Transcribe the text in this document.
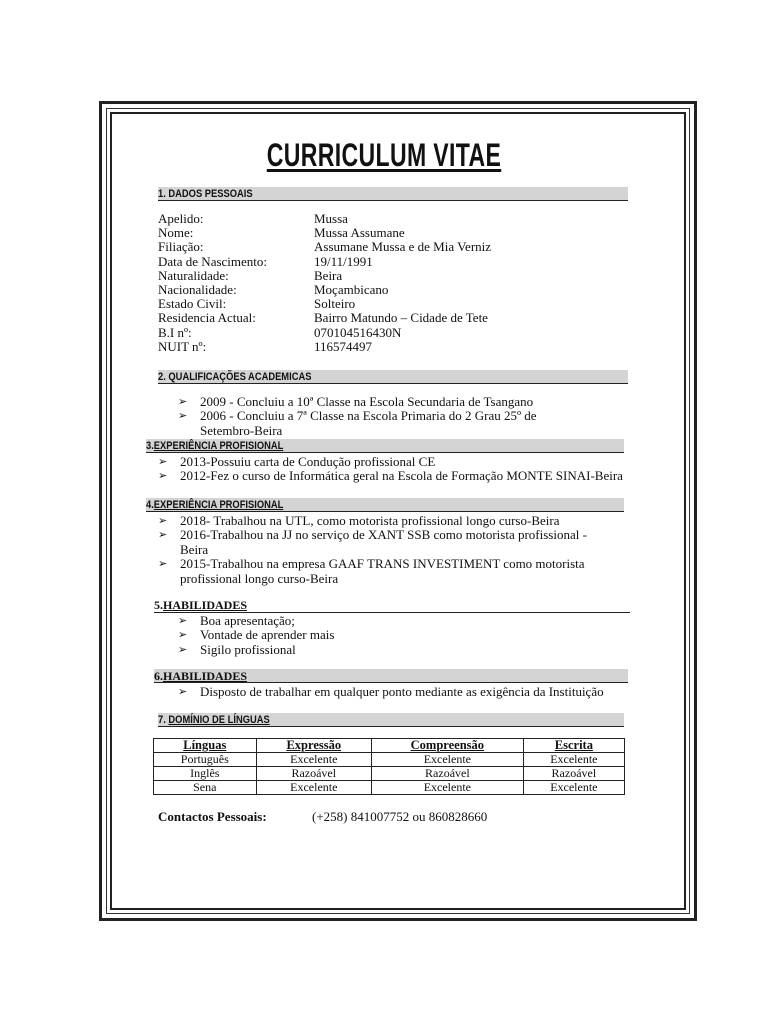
CURRICULUM VITAE
1. DADOS PESSOAIS
Apelido:	Mussa
Nome:	Mussa Assumane
Filiação:	Assumane Mussa e de Mia Verniz
Data de Nascimento:	19/11/1991
Naturalidade:	Beira
Nacionalidade:	Moçambicano
Estado Civil:	Solteiro
Residencia Actual:	Bairro Matundo – Cidade de Tete
B.I nº:	070104516430N
NUIT nº:	116574497
2. QUALIFICAÇÕES ACADEMICAS
➢ 2009 - Concluiu a 10ª Classe na Escola Secundaria de Tsangano
➢ 2006 - Concluiu a 7ª Classe na Escola Primaria do 2 Grau 25º de Setembro-Beira
3.EXPERIÊNCIA PROFISIONAL
➢ 2013-Possuiu carta de Condução profissional CE
➢ 2012-Fez o curso de Informática geral na Escola de Formação MONTE SINAI-Beira
4.EXPERIÊNCIA PROFISIONAL
➢ 2018- Trabalhou na UTL, como motorista profissional longo curso-Beira
➢ 2016-Trabalhou na JJ no serviço de XANT SSB como motorista profissional - Beira
➢ 2015-Trabalhou na empresa GAAF TRANS INVESTIMENT como motorista profissional longo curso-Beira
5.HABILIDADES
➢ Boa apresentação;
➢ Vontade de aprender mais
➢ Sigilo profissional
6.HABILIDADES
➢ Disposto de trabalhar em qualquer ponto mediante as exigência da Instituição
7. DOMÍNIO DE LÍNGUAS
Línguas	Expressão	Compreensão	Escrita
Português	Excelente	Excelente	Excelente
Inglês	Razoável	Razoável	Razoável
Sena	Excelente	Excelente	Excelente
Contactos Pessoais:	(+258) 841007752 ou 860828660
